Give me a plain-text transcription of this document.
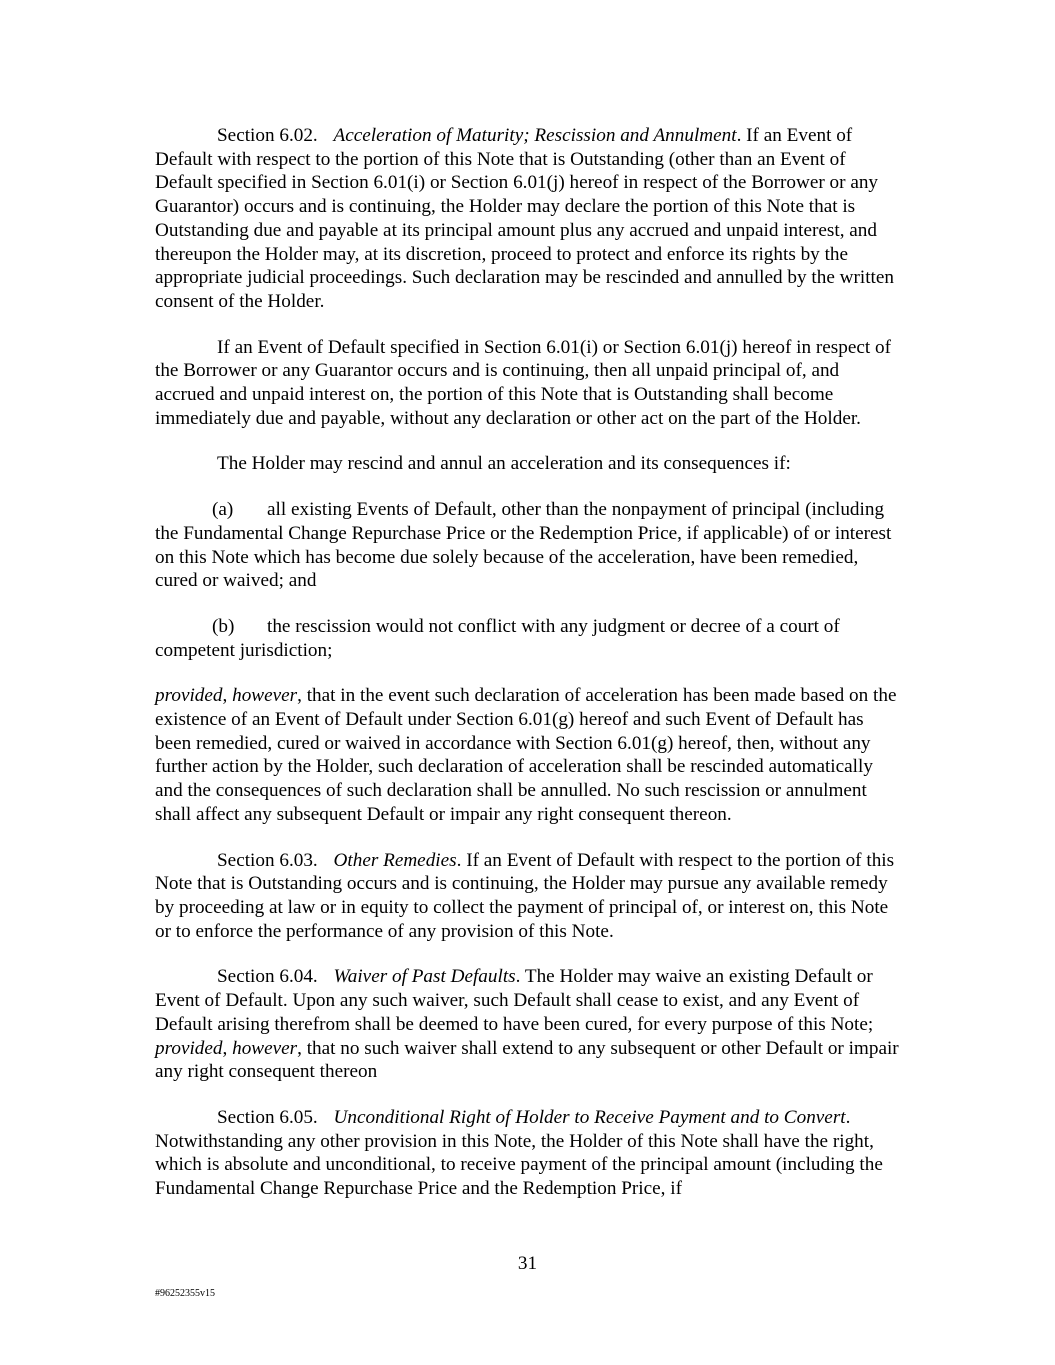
Section 6.02. Acceleration of Maturity; Rescission and Annulment. If an Event of Default with respect to the portion of this Note that is Outstanding (other than an Event of Default specified in Section 6.01(i) or Section 6.01(j) hereof in respect of the Borrower or any Guarantor) occurs and is continuing, the Holder may declare the portion of this Note that is Outstanding due and payable at its principal amount plus any accrued and unpaid interest, and thereupon the Holder may, at its discretion, proceed to protect and enforce its rights by the appropriate judicial proceedings. Such declaration may be rescinded and annulled by the written consent of the Holder.

If an Event of Default specified in Section 6.01(i) or Section 6.01(j) hereof in respect of the Borrower or any Guarantor occurs and is continuing, then all unpaid principal of, and accrued and unpaid interest on, the portion of this Note that is Outstanding shall become immediately due and payable, without any declaration or other act on the part of the Holder.

The Holder may rescind and annul an acceleration and its consequences if:

(a) all existing Events of Default, other than the nonpayment of principal (including the Fundamental Change Repurchase Price or the Redemption Price, if applicable) of or interest on this Note which has become due solely because of the acceleration, have been remedied, cured or waived; and

(b) the rescission would not conflict with any judgment or decree of a court of competent jurisdiction;

provided, however, that in the event such declaration of acceleration has been made based on the existence of an Event of Default under Section 6.01(g) hereof and such Event of Default has been remedied, cured or waived in accordance with Section 6.01(g) hereof, then, without any further action by the Holder, such declaration of acceleration shall be rescinded automatically and the consequences of such declaration shall be annulled. No such rescission or annulment shall affect any subsequent Default or impair any right consequent thereon.

Section 6.03. Other Remedies. If an Event of Default with respect to the portion of this Note that is Outstanding occurs and is continuing, the Holder may pursue any available remedy by proceeding at law or in equity to collect the payment of principal of, or interest on, this Note or to enforce the performance of any provision of this Note.

Section 6.04. Waiver of Past Defaults. The Holder may waive an existing Default or Event of Default. Upon any such waiver, such Default shall cease to exist, and any Event of Default arising therefrom shall be deemed to have been cured, for every purpose of this Note; provided, however, that no such waiver shall extend to any subsequent or other Default or impair any right consequent thereon

Section 6.05. Unconditional Right of Holder to Receive Payment and to Convert. Notwithstanding any other provision in this Note, the Holder of this Note shall have the right, which is absolute and unconditional, to receive payment of the principal amount (including the Fundamental Change Repurchase Price and the Redemption Price, if

31
#96252355v15
